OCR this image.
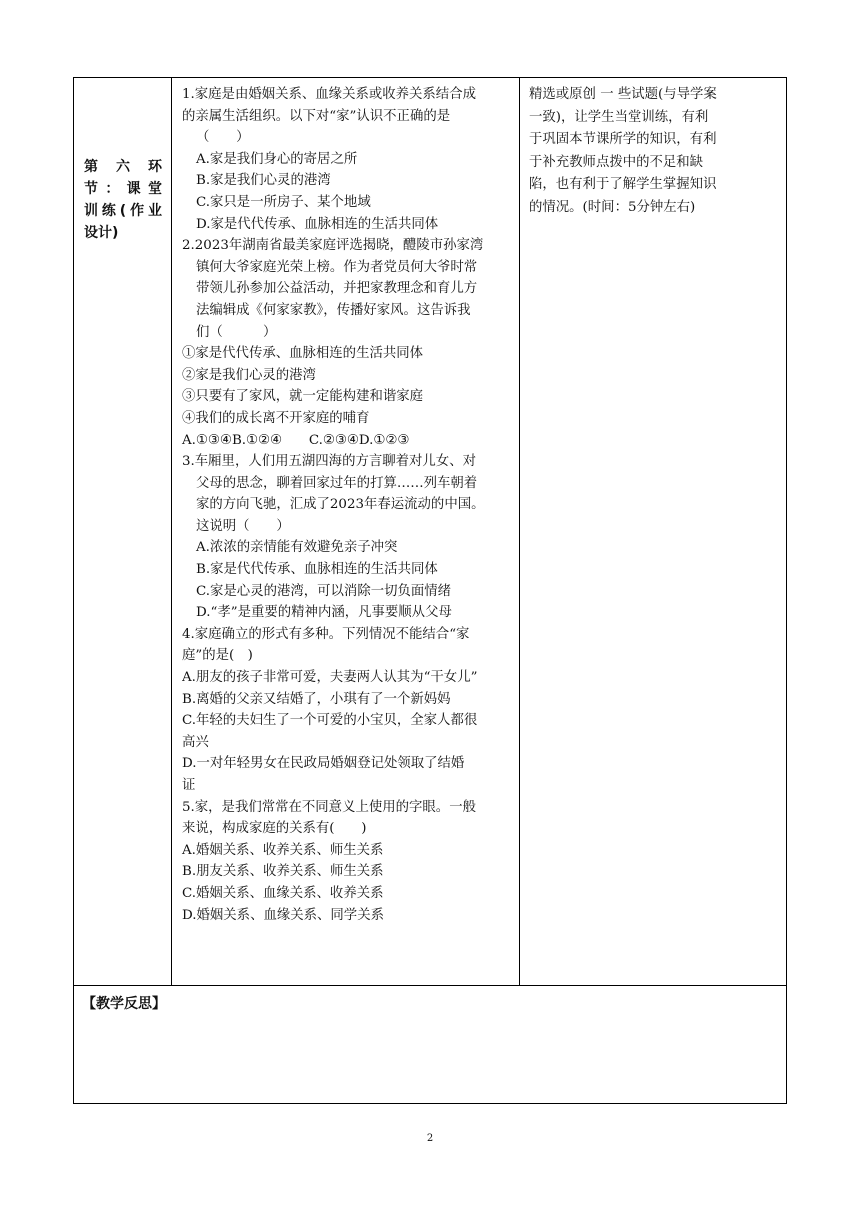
第　六　环
节：课堂
训练(作业
设计)
1.家庭是由婚姻关系、血缘关系或收养关系结合成
的亲属生活组织。以下对“家”认识不正确的是
（　　）
A.家是我们身心的寄居之所
B.家是我们心灵的港湾
C.家只是一所房子、某个地域
D.家是代代传承、血脉相连的生活共同体
2.2023年湖南省最美家庭评选揭晓，醴陵市孙家湾
镇何大爷家庭光荣上榜。作为者党员何大爷时常
带领儿孙参加公益活动，并把家教理念和育儿方
法编辑成《何家家教》，传播好家风。这告诉我
们（　　　）
①家是代代传承、血脉相连的生活共同体
②家是我们心灵的港湾
③只要有了家风，就一定能构建和谐家庭
④我们的成长离不开家庭的哺育
A.①③④B.①②④　　C.②③④D.①②③
3.车厢里，人们用五湖四海的方言聊着对儿女、对
父母的思念，聊着回家过年的打算……列车朝着
家的方向飞驰，汇成了2023年春运流动的中国。
这说明（　　）
A.浓浓的亲情能有效避免亲子冲突
B.家是代代传承、血脉相连的生活共同体
C.家是心灵的港湾，可以消除一切负面情绪
D.“孝”是重要的精神内涵，凡事要顺从父母
4.家庭确立的形式有多种。下列情况不能结合“家
庭”的是(　)
A.朋友的孩子非常可爱，夫妻两人认其为“干女儿”
B.离婚的父亲又结婚了，小琪有了一个新妈妈
C.年轻的夫妇生了一个可爱的小宝贝，全家人都很
高兴
D.一对年轻男女在民政局婚姻登记处领取了结婚
证
5.家，是我们常常在不同意义上使用的字眼。一般
来说，构成家庭的关系有(　　)
A.婚姻关系、收养关系、师生关系
B.朋友关系、收养关系、师生关系
C.婚姻关系、血缘关系、收养关系
D.婚姻关系、血缘关系、同学关系
精选或原创 一 些试题(与导学案
一致)，让学生当堂训练，有利
于巩固本节课所学的知识，有利
于补充教师点拨中的不足和缺
陷，也有利于了解学生掌握知识
的情况。(时间：5分钟左右)
【教学反思】
2
